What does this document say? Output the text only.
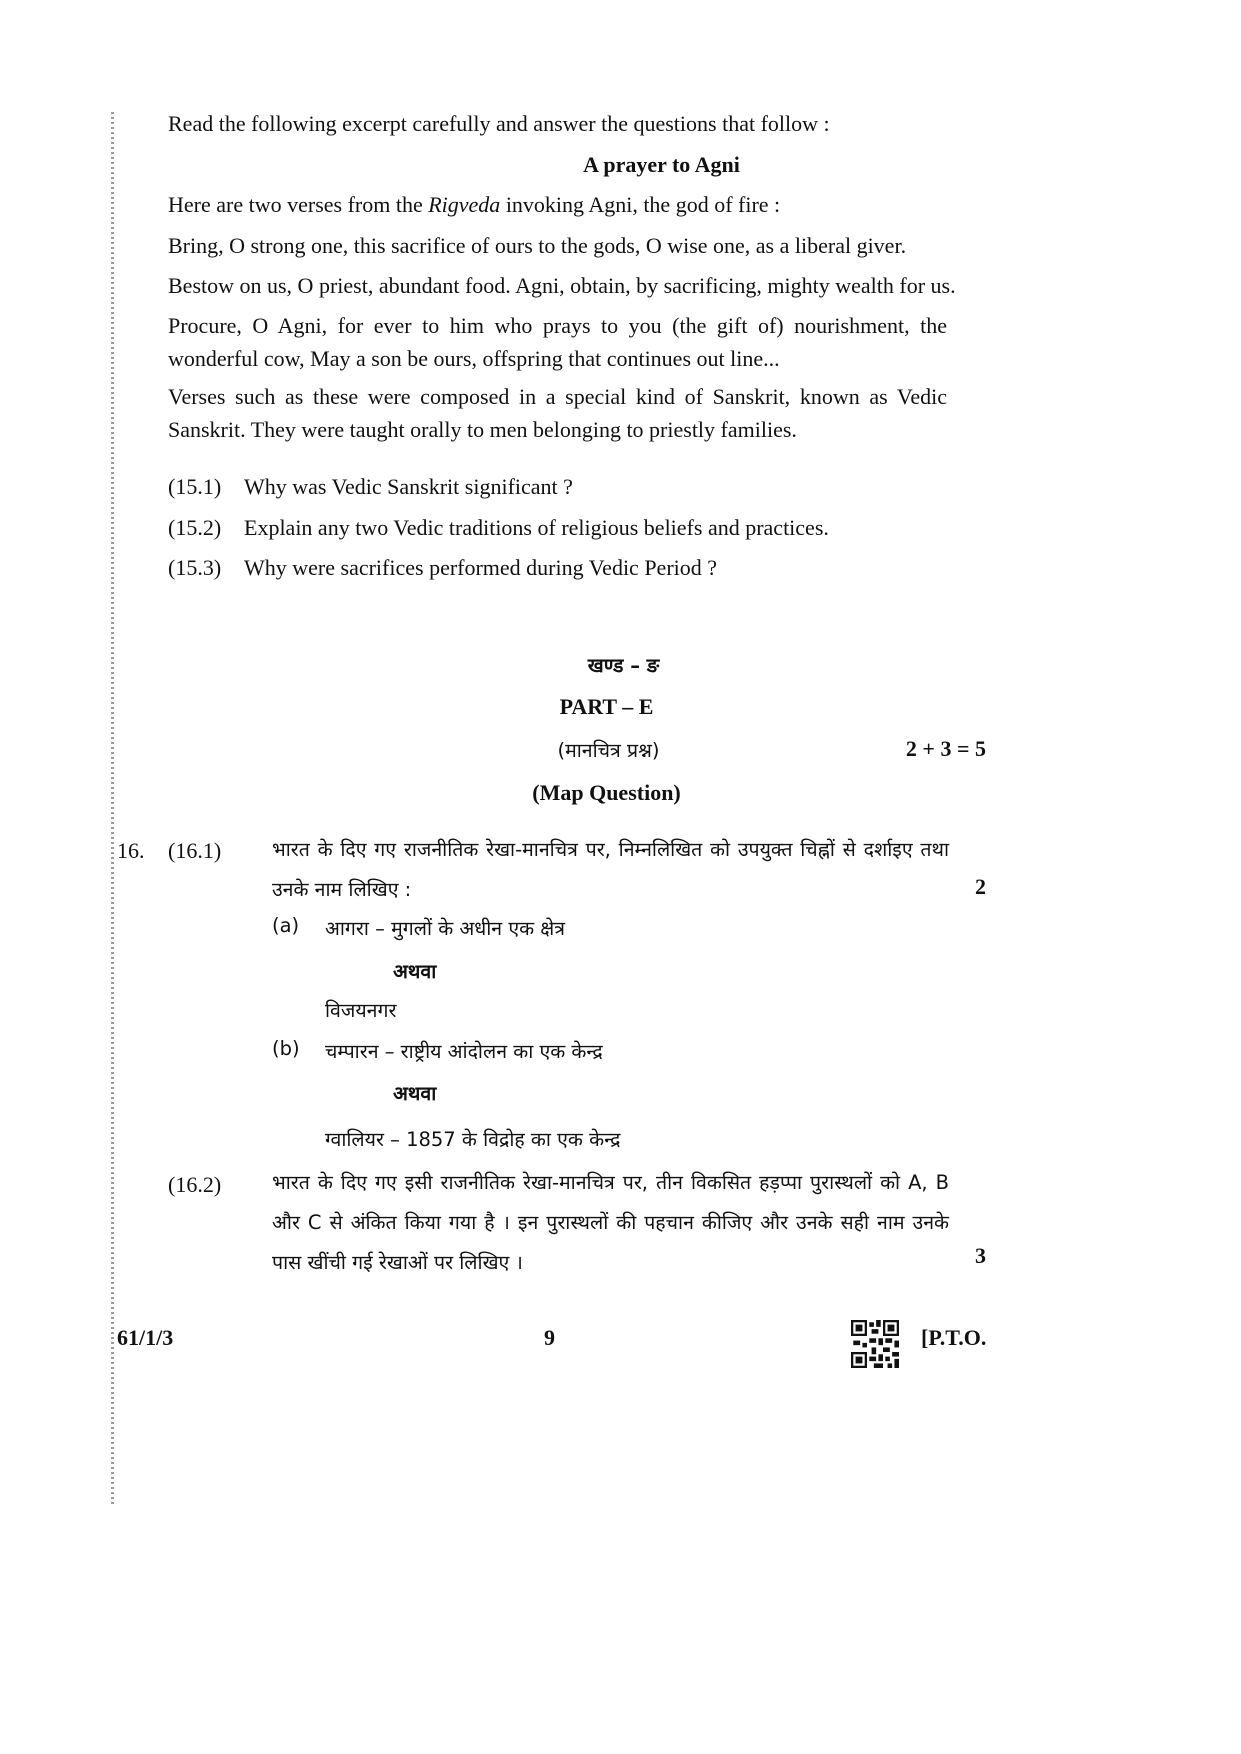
Read the following excerpt carefully and answer the questions that follow :
A prayer to Agni
Here are two verses from the Rigveda invoking Agni, the god of fire :
Bring, O strong one, this sacrifice of ours to the gods, O wise one, as a liberal giver.
Bestow on us, O priest, abundant food. Agni, obtain, by sacrificing, mighty wealth for us.
Procure, O Agni, for ever to him who prays to you (the gift of) nourishment, the wonderful cow, May a son be ours, offspring that continues out line...
Verses such as these were composed in a special kind of Sanskrit, known as Vedic Sanskrit. They were taught orally to men belonging to priestly families.
(15.1) Why was Vedic Sanskrit significant ?
(15.2) Explain any two Vedic traditions of religious beliefs and practices.
(15.3) Why were sacrifices performed during Vedic Period ?
खण्ड – ङ
PART – E
(मानचित्र प्रश्न)	2 + 3 = 5
(Map Question)
16. (16.1)	भारत के दिए गए राजनीतिक रेखा-मानचित्र पर, निम्नलिखित को उपयुक्त चिह्नों से दर्शाइए तथा उनके नाम लिखिए :	2
(a) आगरा – मुगलों के अधीन एक क्षेत्र
अथवा
विजयनगर
(b) चम्पारन – राष्ट्रीय आंदोलन का एक केन्द्र
अथवा
ग्वालियर – 1857 के विद्रोह का एक केन्द्र
(16.2)	भारत के दिए गए इसी राजनीतिक रेखा-मानचित्र पर, तीन विकसित हड़प्पा पुरास्थलों को A, B और C से अंकित किया गया है । इन पुरास्थलों की पहचान कीजिए और उनके सही नाम उनके पास खींची गई रेखाओं पर लिखिए ।	3
61/1/3	9	[P.T.O.
